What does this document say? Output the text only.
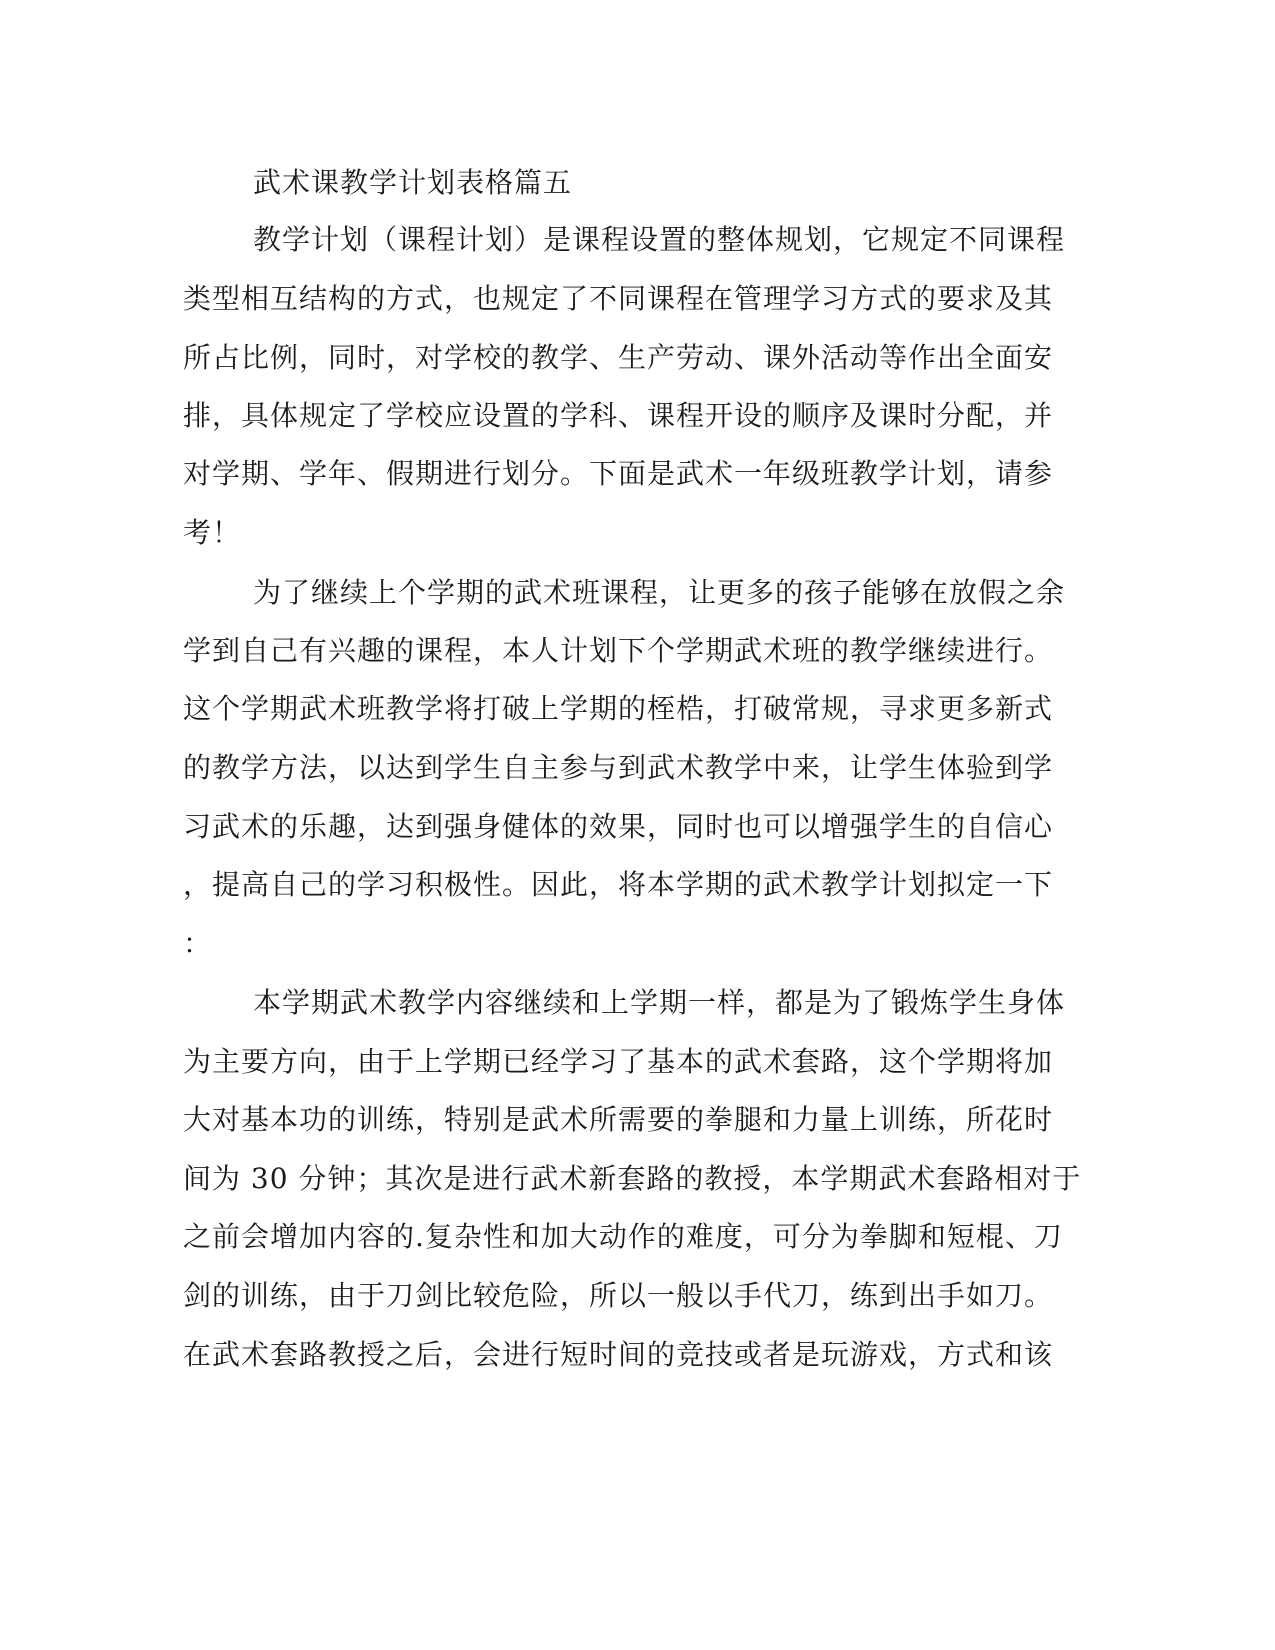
武术课教学计划表格篇五
教学计划（课程计划）是课程设置的整体规划，它规定不同课程
类型相互结构的方式，也规定了不同课程在管理学习方式的要求及其
所占比例，同时，对学校的教学、生产劳动、课外活动等作出全面安
排，具体规定了学校应设置的学科、课程开设的顺序及课时分配，并
对学期、学年、假期进行划分。下面是武术一年级班教学计划，请参
考！
为了继续上个学期的武术班课程，让更多的孩子能够在放假之余
学到自己有兴趣的课程，本人计划下个学期武术班的教学继续进行。
这个学期武术班教学将打破上学期的桎梏，打破常规，寻求更多新式
的教学方法，以达到学生自主参与到武术教学中来，让学生体验到学
习武术的乐趣，达到强身健体的效果，同时也可以增强学生的自信心
，提高自己的学习积极性。因此，将本学期的武术教学计划拟定一下
：
本学期武术教学内容继续和上学期一样，都是为了锻炼学生身体
为主要方向，由于上学期已经学习了基本的武术套路，这个学期将加
大对基本功的训练，特别是武术所需要的拳腿和力量上训练，所花时
间为 30 分钟；其次是进行武术新套路的教授，本学期武术套路相对于
之前会增加内容的.复杂性和加大动作的难度，可分为拳脚和短棍、刀
剑的训练，由于刀剑比较危险，所以一般以手代刀，练到出手如刀。
在武术套路教授之后，会进行短时间的竞技或者是玩游戏，方式和该
